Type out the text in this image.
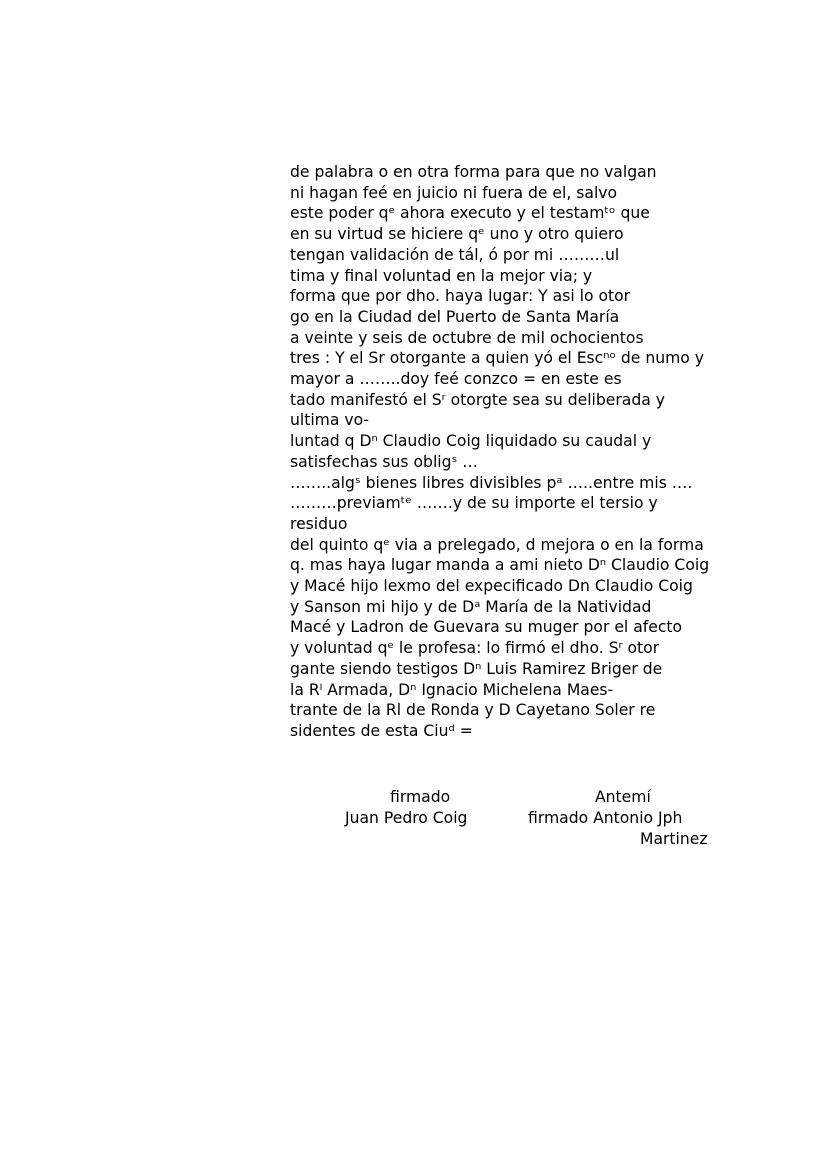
de palabra o en otra forma para que no valgan
ni hagan feé en juicio ni fuera de el, salvo
este poder qᵉ ahora executo y el testamᵗᵒ que
en su virtud se hiciere qᵉ uno y otro quiero
tengan validación de tál, ó por mi ………ul
tima y final voluntad en la mejor via; y
forma que por dho. haya lugar: Y asi lo otor
go en la Ciudad del Puerto de Santa María
a veinte y seis de octubre de mil ochocientos
tres : Y el Sr otorgante a quien yó el Escⁿᵒ de numo y
mayor a ……..doy feé conzco = en este es
tado manifestó el Sʳ otorgte sea su deliberada y
ultima vo-
luntad q Dⁿ Claudio Coig liquidado su caudal y
satisfechas sus obligˢ …
……..algˢ bienes libres divisibles pᵃ …..entre mis ….
………previamᵗᵉ …….y de su importe el tersio y
residuo
del quinto qᵉ via a prelegado, d mejora o en la forma
q. mas haya lugar manda a ami nieto Dⁿ Claudio Coig
y Macé hijo lexmo del expecificado Dn Claudio Coig
y Sanson mi hijo y de Dᵃ María de la Natividad
Macé y Ladron de Guevara su muger por el afecto
y voluntad qᵉ le profesa: lo firmó el dho. Sʳ otor
gante siendo testigos Dⁿ Luis Ramirez Briger de
la Rˡ Armada, Dⁿ Ignacio Michelena Maes-
trante de la Rl de Ronda y D Cayetano Soler re
sidentes de esta Ciuᵈ =
firmado
Juan Pedro Coig
Antemí
firmado Antonio Jph
Martinez
